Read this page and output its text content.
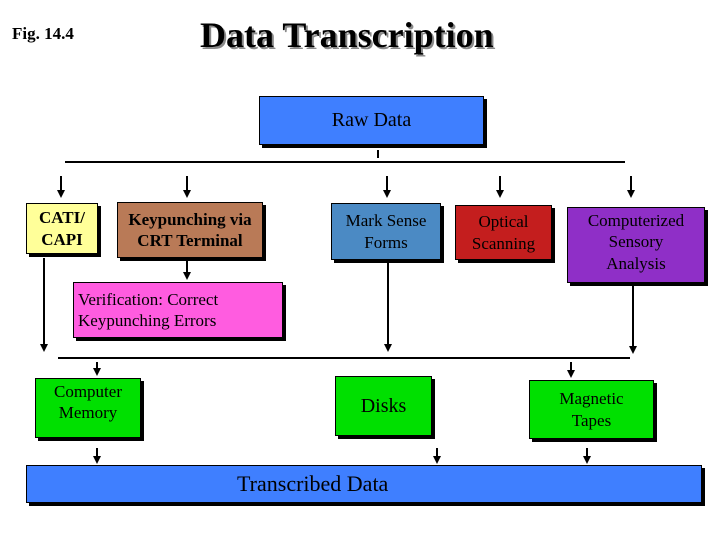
Fig. 14.4	Data Transcription
Raw Data
CATI/
CAPI
Keypunching via
CRT Terminal
Mark Sense
Forms
Optical
Scanning
Computerized
Sensory
Analysis
Verification: Correct
Keypunching Errors
Computer
Memory	Disks	Magnetic
Tapes
Transcribed Data
